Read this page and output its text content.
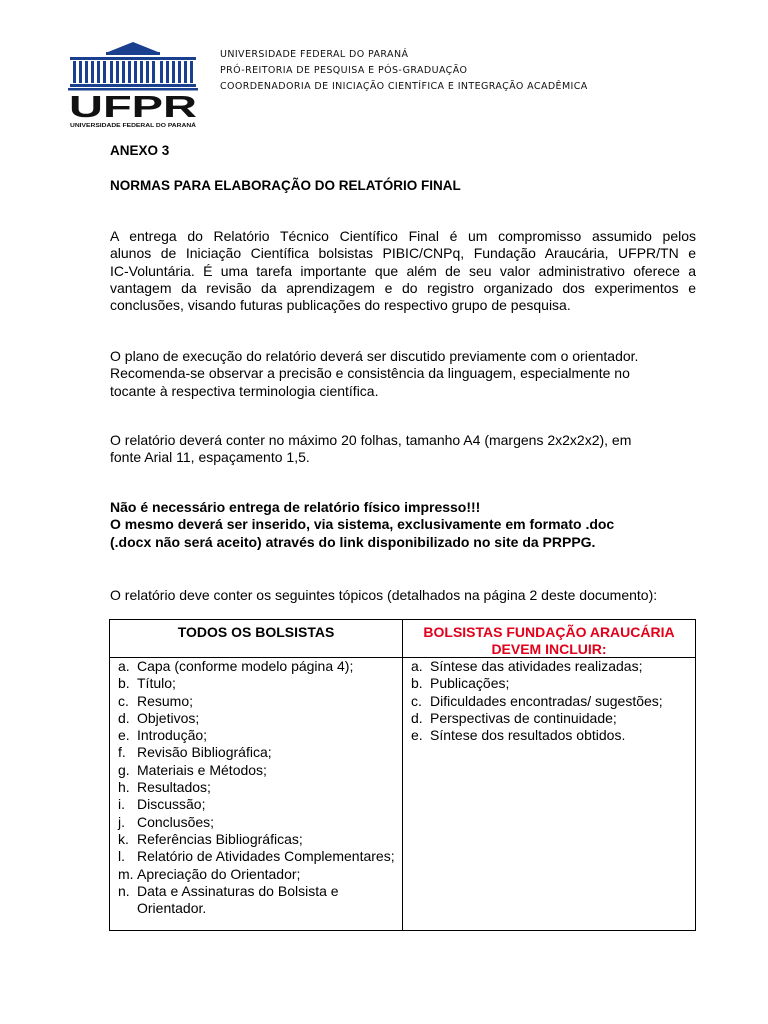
UFPR
UNIVERSIDADE FEDERAL DO PARANÁ
UNIVERSIDADE FEDERAL DO PARANÁ
PRÓ-REITORIA DE PESQUISA E PÓS-GRADUAÇÃO
COORDENADORIA DE INICIAÇÃO CIENTÍFICA E INTEGRAÇÃO ACADÊMICA
ANEXO 3
NORMAS PARA ELABORAÇÃO DO RELATÓRIO FINAL
A entrega do Relatório Técnico Científico Final é um compromisso assumido pelos
alunos de Iniciação Científica bolsistas PIBIC/CNPq, Fundação Araucária, UFPR/TN e
IC-Voluntária. É uma tarefa importante que além de seu valor administrativo oferece a
vantagem da revisão da aprendizagem e do registro organizado dos experimentos e
conclusões, visando futuras publicações do respectivo grupo de pesquisa.
O plano de execução do relatório deverá ser discutido previamente com o orientador.
Recomenda-se observar a precisão e consistência da linguagem, especialmente no
tocante à respectiva terminologia científica.
O relatório deverá conter no máximo 20 folhas, tamanho A4 (margens 2x2x2x2), em
fonte Arial 11, espaçamento 1,5.
Não é necessário entrega de relatório físico impresso!!!
O mesmo deverá ser inserido, via sistema, exclusivamente em formato .doc
(.docx não será aceito) através do link disponibilizado no site da PRPPG.
O relatório deve conter os seguintes tópicos (detalhados na página 2 deste documento):
TODOS OS BOLSISTAS	BOLSISTAS FUNDAÇÃO ARAUCÁRIA
DEVEM INCLUIR:
a. Capa (conforme modelo página 4);
b. Título;
c. Resumo;
d. Objetivos;
e. Introdução;
f. Revisão Bibliográfica;
g. Materiais e Métodos;
h. Resultados;
i. Discussão;
j. Conclusões;
k. Referências Bibliográficas;
l. Relatório de Atividades Complementares;
m. Apreciação do Orientador;
n. Data e Assinaturas do Bolsista e Orientador.
a. Síntese das atividades realizadas;
b. Publicações;
c. Dificuldades encontradas/ sugestões;
d. Perspectivas de continuidade;
e. Síntese dos resultados obtidos.
